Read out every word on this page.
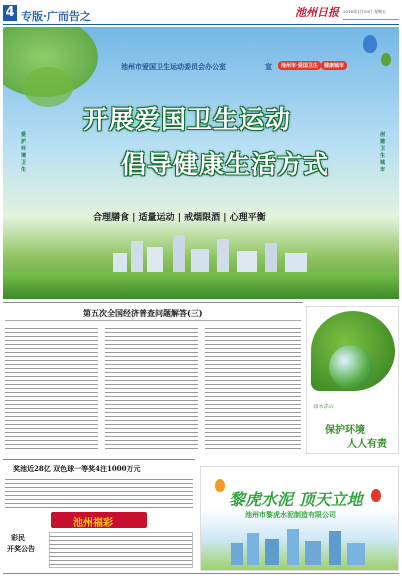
4 专版·广而告之	池州日报 2016年1月19日 星期五
池州市爱国卫生运动委员会办公室	宣	池州市·爱国卫生	健康城市
爱护环境卫生
创建卫生城市
开展爱国卫生运动
倡导健康生活方式
合理膳食 | 适量运动 | 戒烟限酒 | 心理平衡
第五次全国经济普查问题解答(三)
绿水青山
保护环境
人人有责
奖池近28亿 双色球一等奖4注1000万元
池州福彩
彩民
开奖公告
黎虎水泥 顶天立地
池州市黎虎水泥制造有限公司
